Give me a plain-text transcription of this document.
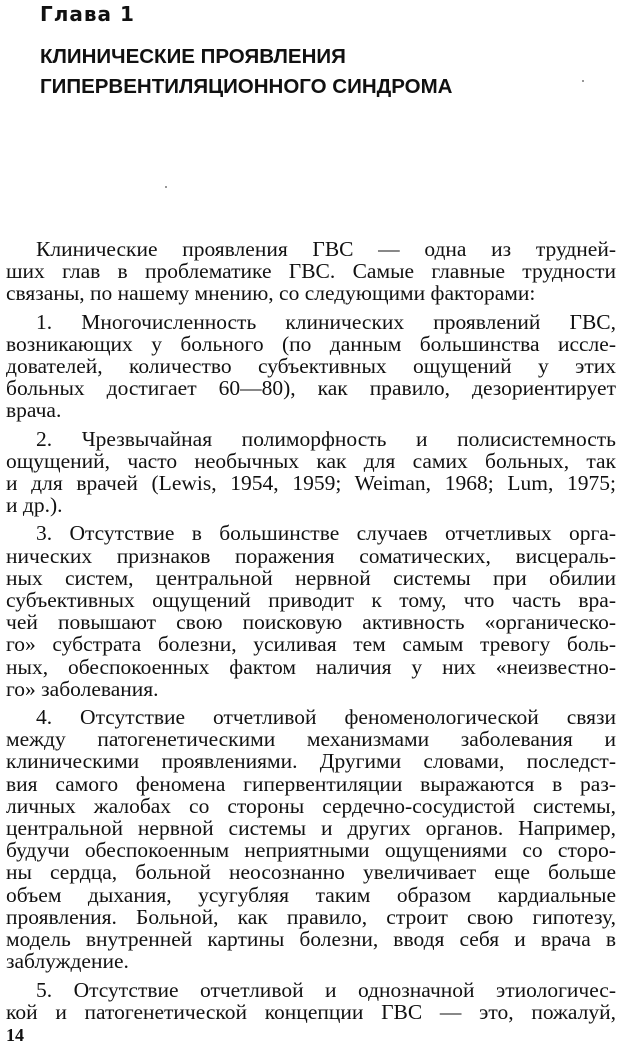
Глава 1
КЛИНИЧЕСКИЕ ПРОЯВЛЕНИЯ
ГИПЕРВЕНТИЛЯЦИОННОГО СИНДРОМА
Клинические проявления ГВС — одна из трудней-
ших глав в проблематике ГВС. Самые главные трудности
связаны, по нашему мнению, со следующими факторами:
1. Многочисленность клинических проявлений ГВС,
возникающих у больного (по данным большинства иссле-
дователей, количество субъективных ощущений у этих
больных достигает 60—80), как правило, дезориентирует
врача.
2. Чрезвычайная полиморфность и полисистемность
ощущений, часто необычных как для самих больных, так
и для врачей (Lewis, 1954, 1959; Weiman, 1968; Lum, 1975;
и др.).
3. Отсутствие в большинстве случаев отчетливых орга-
нических признаков поражения соматических, висцераль-
ных систем, центральной нервной системы при обилии
субъективных ощущений приводит к тому, что часть вра-
чей повышают свою поисковую активность «органическо-
го» субстрата болезни, усиливая тем самым тревогу боль-
ных, обеспокоенных фактом наличия у них «неизвестно-
го» заболевания.
4. Отсутствие отчетливой феноменологической связи
между патогенетическими механизмами заболевания и
клиническими проявлениями. Другими словами, последст-
вия самого феномена гипервентиляции выражаются в раз-
личных жалобах со стороны сердечно-сосудистой системы,
центральной нервной системы и других органов. Например,
будучи обеспокоенным неприятными ощущениями со сторо-
ны сердца, больной неосознанно увеличивает еще больше
объем дыхания, усугубляя таким образом кардиальные
проявления. Больной, как правило, строит свою гипотезу,
модель внутренней картины болезни, вводя себя и врача в
заблуждение.
5. Отсутствие отчетливой и однозначной этиологичес-
кой и патогенетической концепции ГВС — это, пожалуй,
14
